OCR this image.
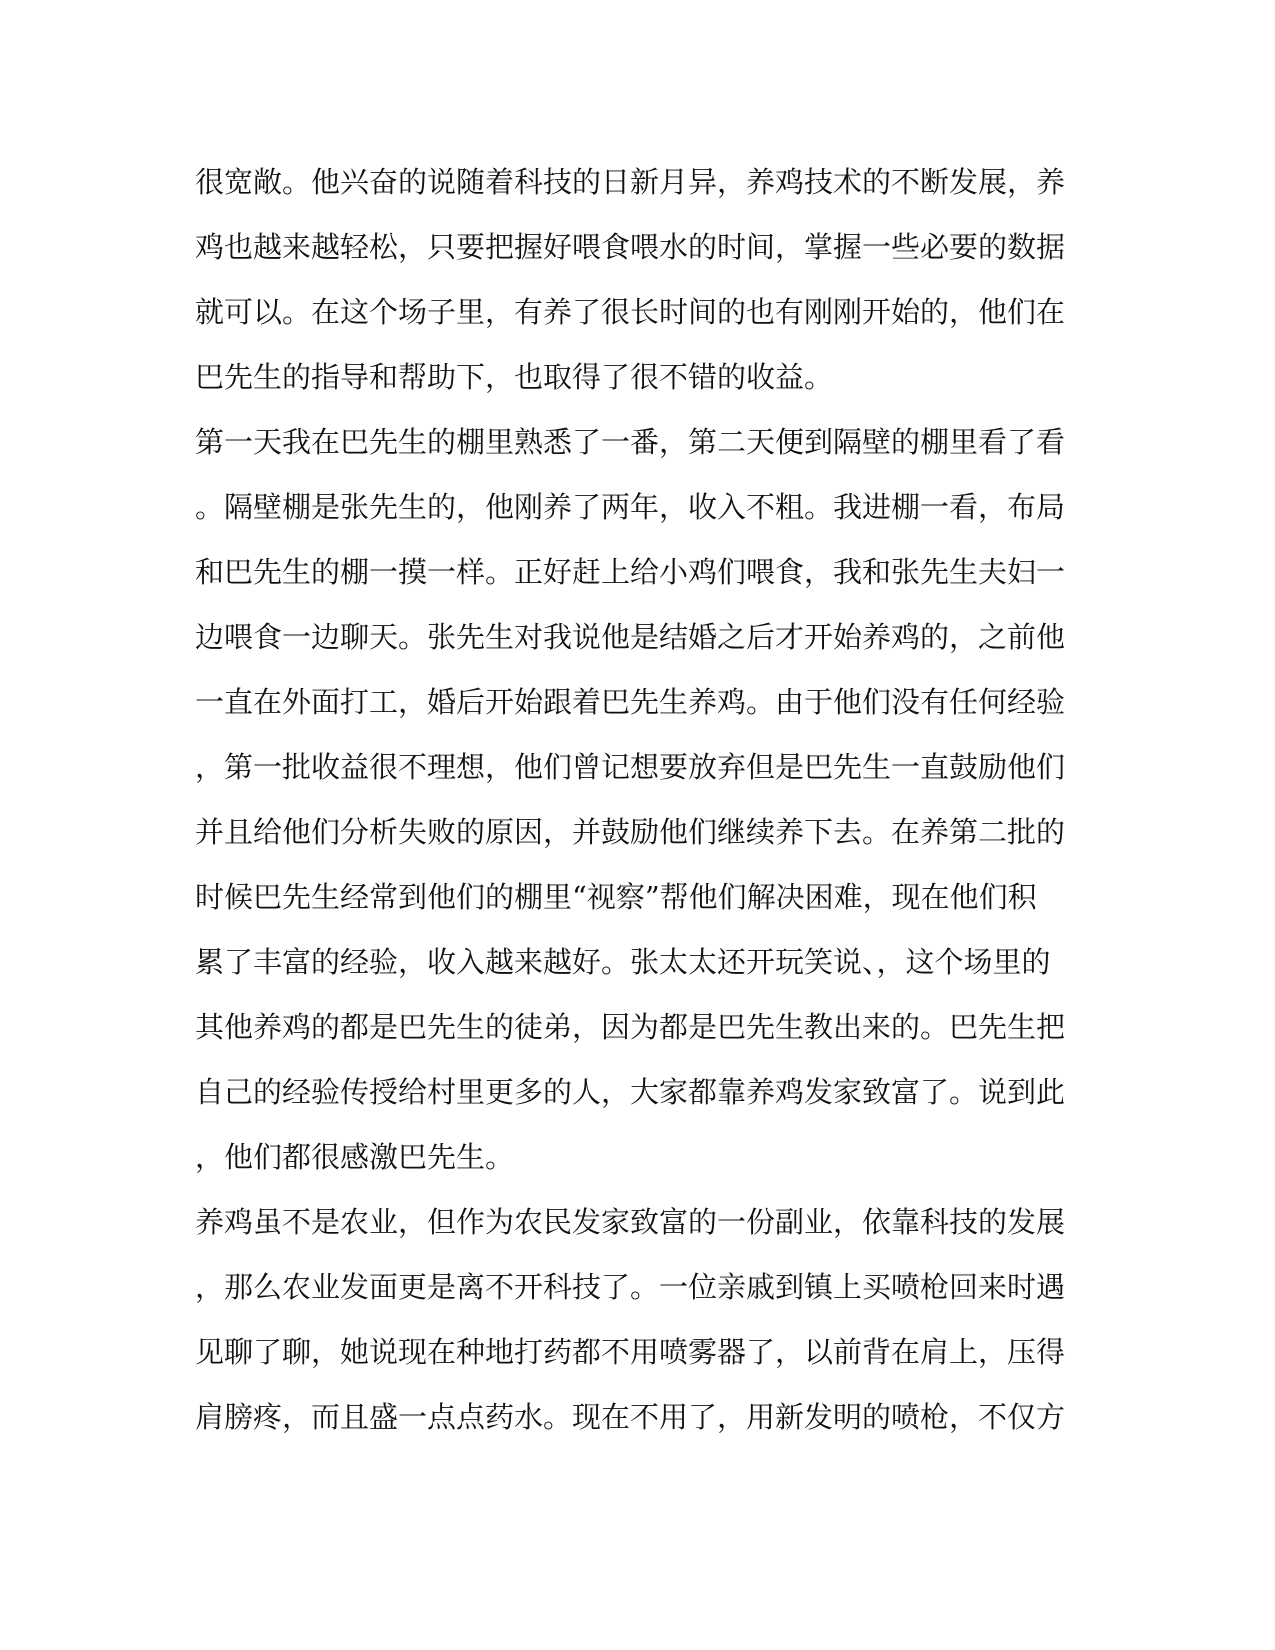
很宽敞。他兴奋的说随着科技的日新月异，养鸡技术的不断发展，养
鸡也越来越轻松，只要把握好喂食喂水的时间，掌握一些必要的数据
就可以。在这个场子里，有养了很长时间的也有刚刚开始的，他们在
巴先生的指导和帮助下，也取得了很不错的收益。
第一天我在巴先生的棚里熟悉了一番，第二天便到隔壁的棚里看了看
。隔壁棚是张先生的，他刚养了两年，收入不粗。我进棚一看，布局
和巴先生的棚一摸一样。正好赶上给小鸡们喂食，我和张先生夫妇一
边喂食一边聊天。张先生对我说他是结婚之后才开始养鸡的，之前他
一直在外面打工，婚后开始跟着巴先生养鸡。由于他们没有任何经验
，第一批收益很不理想，他们曾记想要放弃但是巴先生一直鼓励他们
并且给他们分析失败的原因，并鼓励他们继续养下去。在养第二批的
时候巴先生经常到他们的棚里“视察”帮他们解决困难，现在他们积
累了丰富的经验，收入越来越好。张太太还开玩笑说、，这个场里的
其他养鸡的都是巴先生的徒弟，因为都是巴先生教出来的。巴先生把
自己的经验传授给村里更多的人，大家都靠养鸡发家致富了。说到此
，他们都很感激巴先生。
养鸡虽不是农业，但作为农民发家致富的一份副业，依靠科技的发展
，那么农业发面更是离不开科技了。一位亲戚到镇上买喷枪回来时遇
见聊了聊，她说现在种地打药都不用喷雾器了，以前背在肩上，压得
肩膀疼，而且盛一点点药水。现在不用了，用新发明的喷枪，不仅方
